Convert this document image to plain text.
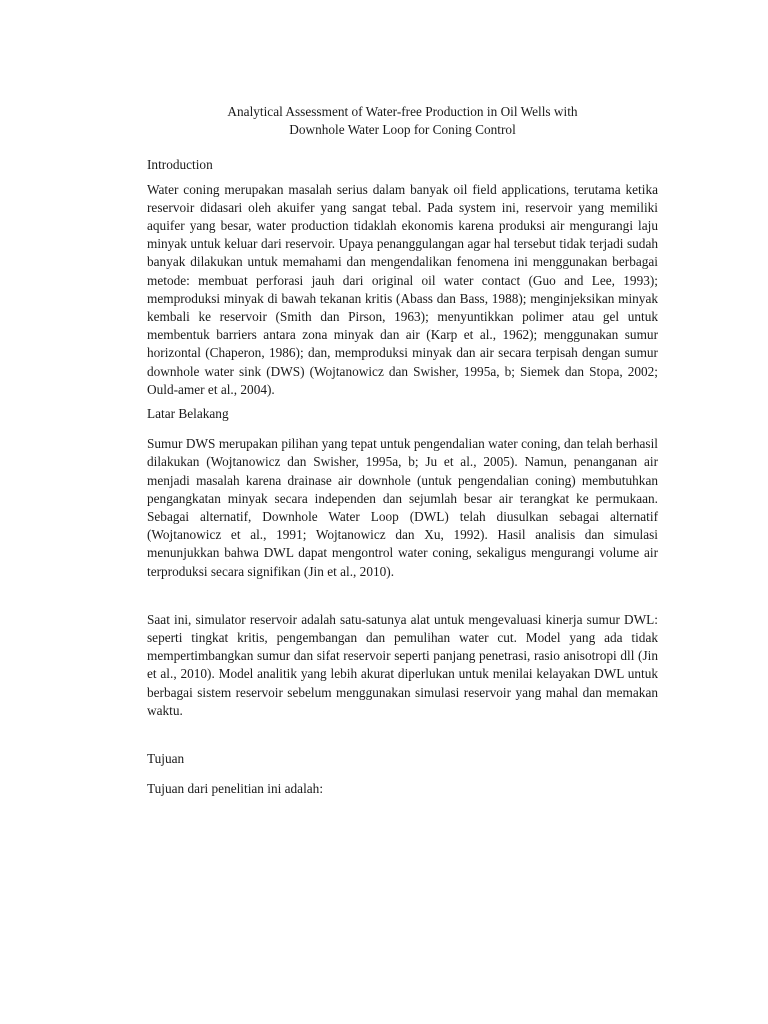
Analytical Assessment of Water-free Production in Oil Wells with
Downhole Water Loop for Coning Control

Introduction

Water coning merupakan masalah serius dalam banyak oil field applications, terutama ketika reservoir didasari oleh akuifer yang sangat tebal. Pada system ini, reservoir yang memiliki aquifer yang besar, water production tidaklah ekonomis karena produksi air mengurangi laju minyak untuk keluar dari reservoir. Upaya penanggulangan agar hal tersebut tidak terjadi sudah banyak dilakukan untuk memahami dan mengendalikan fenomena ini menggunakan berbagai metode: membuat perforasi jauh dari original oil water contact (Guo and Lee, 1993); memproduksi minyak di bawah tekanan kritis (Abass dan Bass, 1988); menginjeksikan minyak kembali ke reservoir (Smith dan Pirson, 1963); menyuntikkan polimer atau gel untuk membentuk barriers antara zona minyak dan air (Karp et al., 1962); menggunakan sumur horizontal (Chaperon, 1986); dan, memproduksi minyak dan air secara terpisah dengan sumur downhole water sink (DWS) (Wojtanowicz dan Swisher, 1995a, b; Siemek dan Stopa, 2002; Ould-amer et al., 2004).

Latar Belakang

Sumur DWS merupakan pilihan yang tepat untuk pengendalian water coning, dan telah berhasil dilakukan (Wojtanowicz dan Swisher, 1995a, b; Ju et al., 2005). Namun, penanganan air menjadi masalah karena drainase air downhole (untuk pengendalian coning) membutuhkan pengangkatan minyak secara independen dan sejumlah besar air terangkat ke permukaan. Sebagai alternatif, Downhole Water Loop (DWL) telah diusulkan sebagai alternatif (Wojtanowicz et al., 1991; Wojtanowicz dan Xu, 1992). Hasil analisis dan simulasi menunjukkan bahwa DWL dapat mengontrol water coning, sekaligus mengurangi volume air terproduksi secara signifikan (Jin et al., 2010).

Saat ini, simulator reservoir adalah satu-satunya alat untuk mengevaluasi kinerja sumur DWL: seperti tingkat kritis, pengembangan dan pemulihan water cut. Model yang ada tidak mempertimbangkan sumur dan sifat reservoir seperti panjang penetrasi, rasio anisotropi dll (Jin et al., 2010). Model analitik yang lebih akurat diperlukan untuk menilai kelayakan DWL untuk berbagai sistem reservoir sebelum menggunakan simulasi reservoir yang mahal dan memakan waktu.

Tujuan

Tujuan dari penelitian ini adalah:
